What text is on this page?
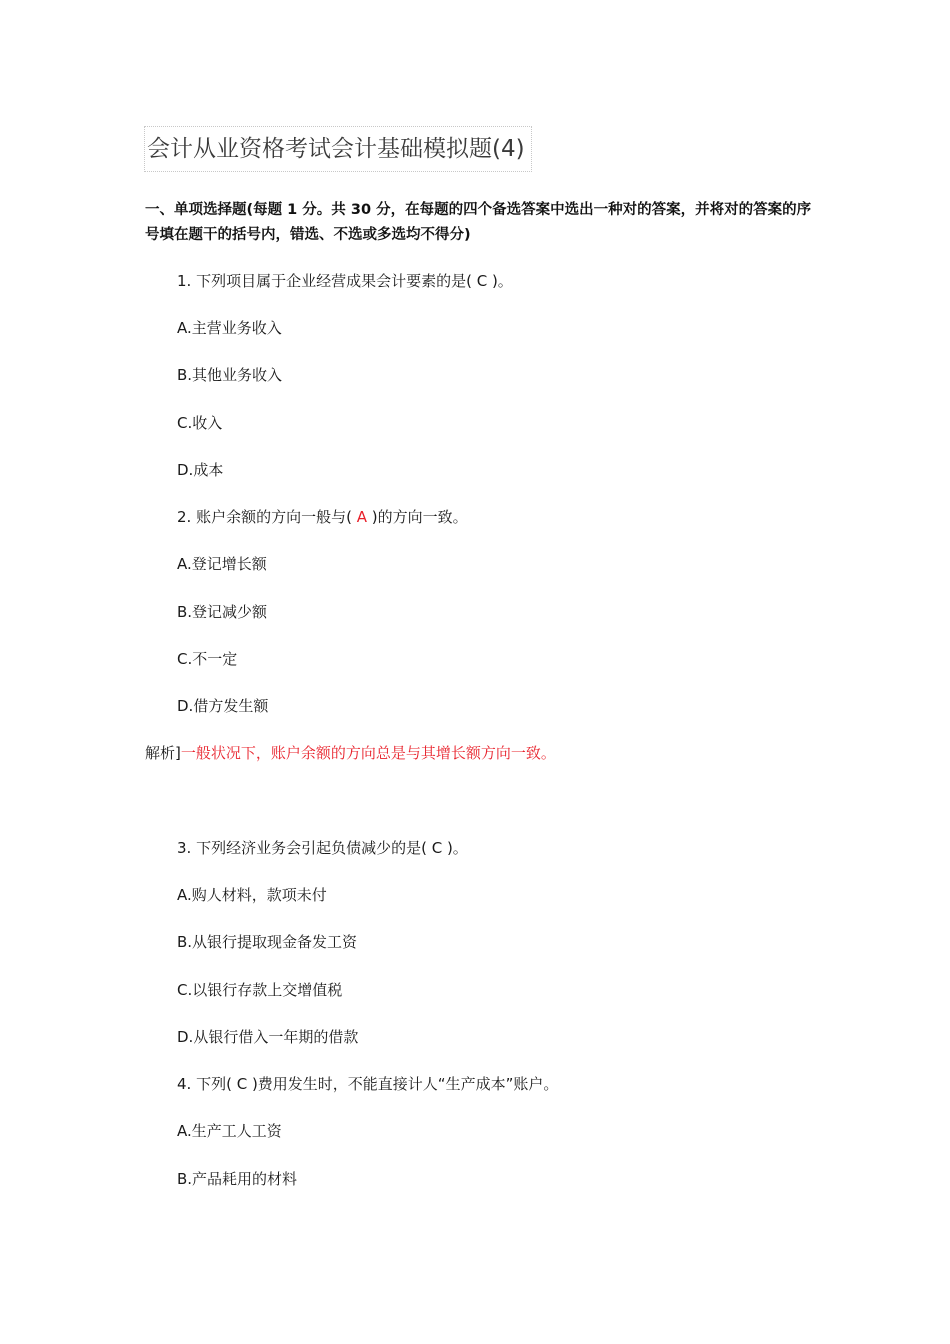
会计从业资格考试会计基础模拟题(4)
一、单项选择题(每题 1 分。共 30 分，在每题的四个备选答案中选出一种对的答案，并将对的答案的序号填在题干的括号内，错选、不选或多选均不得分)
1. 下列项目属于企业经营成果会计要素的是( C )。
A.主营业务收入
B.其他业务收入
C.收入
D.成本
2. 账户余额的方向一般与( A )的方向一致。
A.登记增长额
B.登记减少额
C.不一定
D.借方发生额
解析]一般状况下，账户余额的方向总是与其增长额方向一致。
3. 下列经济业务会引起负债减少的是( C )。
A.购人材料，款项未付
B.从银行提取现金备发工资
C.以银行存款上交增值税
D.从银行借入一年期的借款
4. 下列( C )费用发生时，不能直接计人“生产成本”账户。
A.生产工人工资
B.产品耗用的材料
